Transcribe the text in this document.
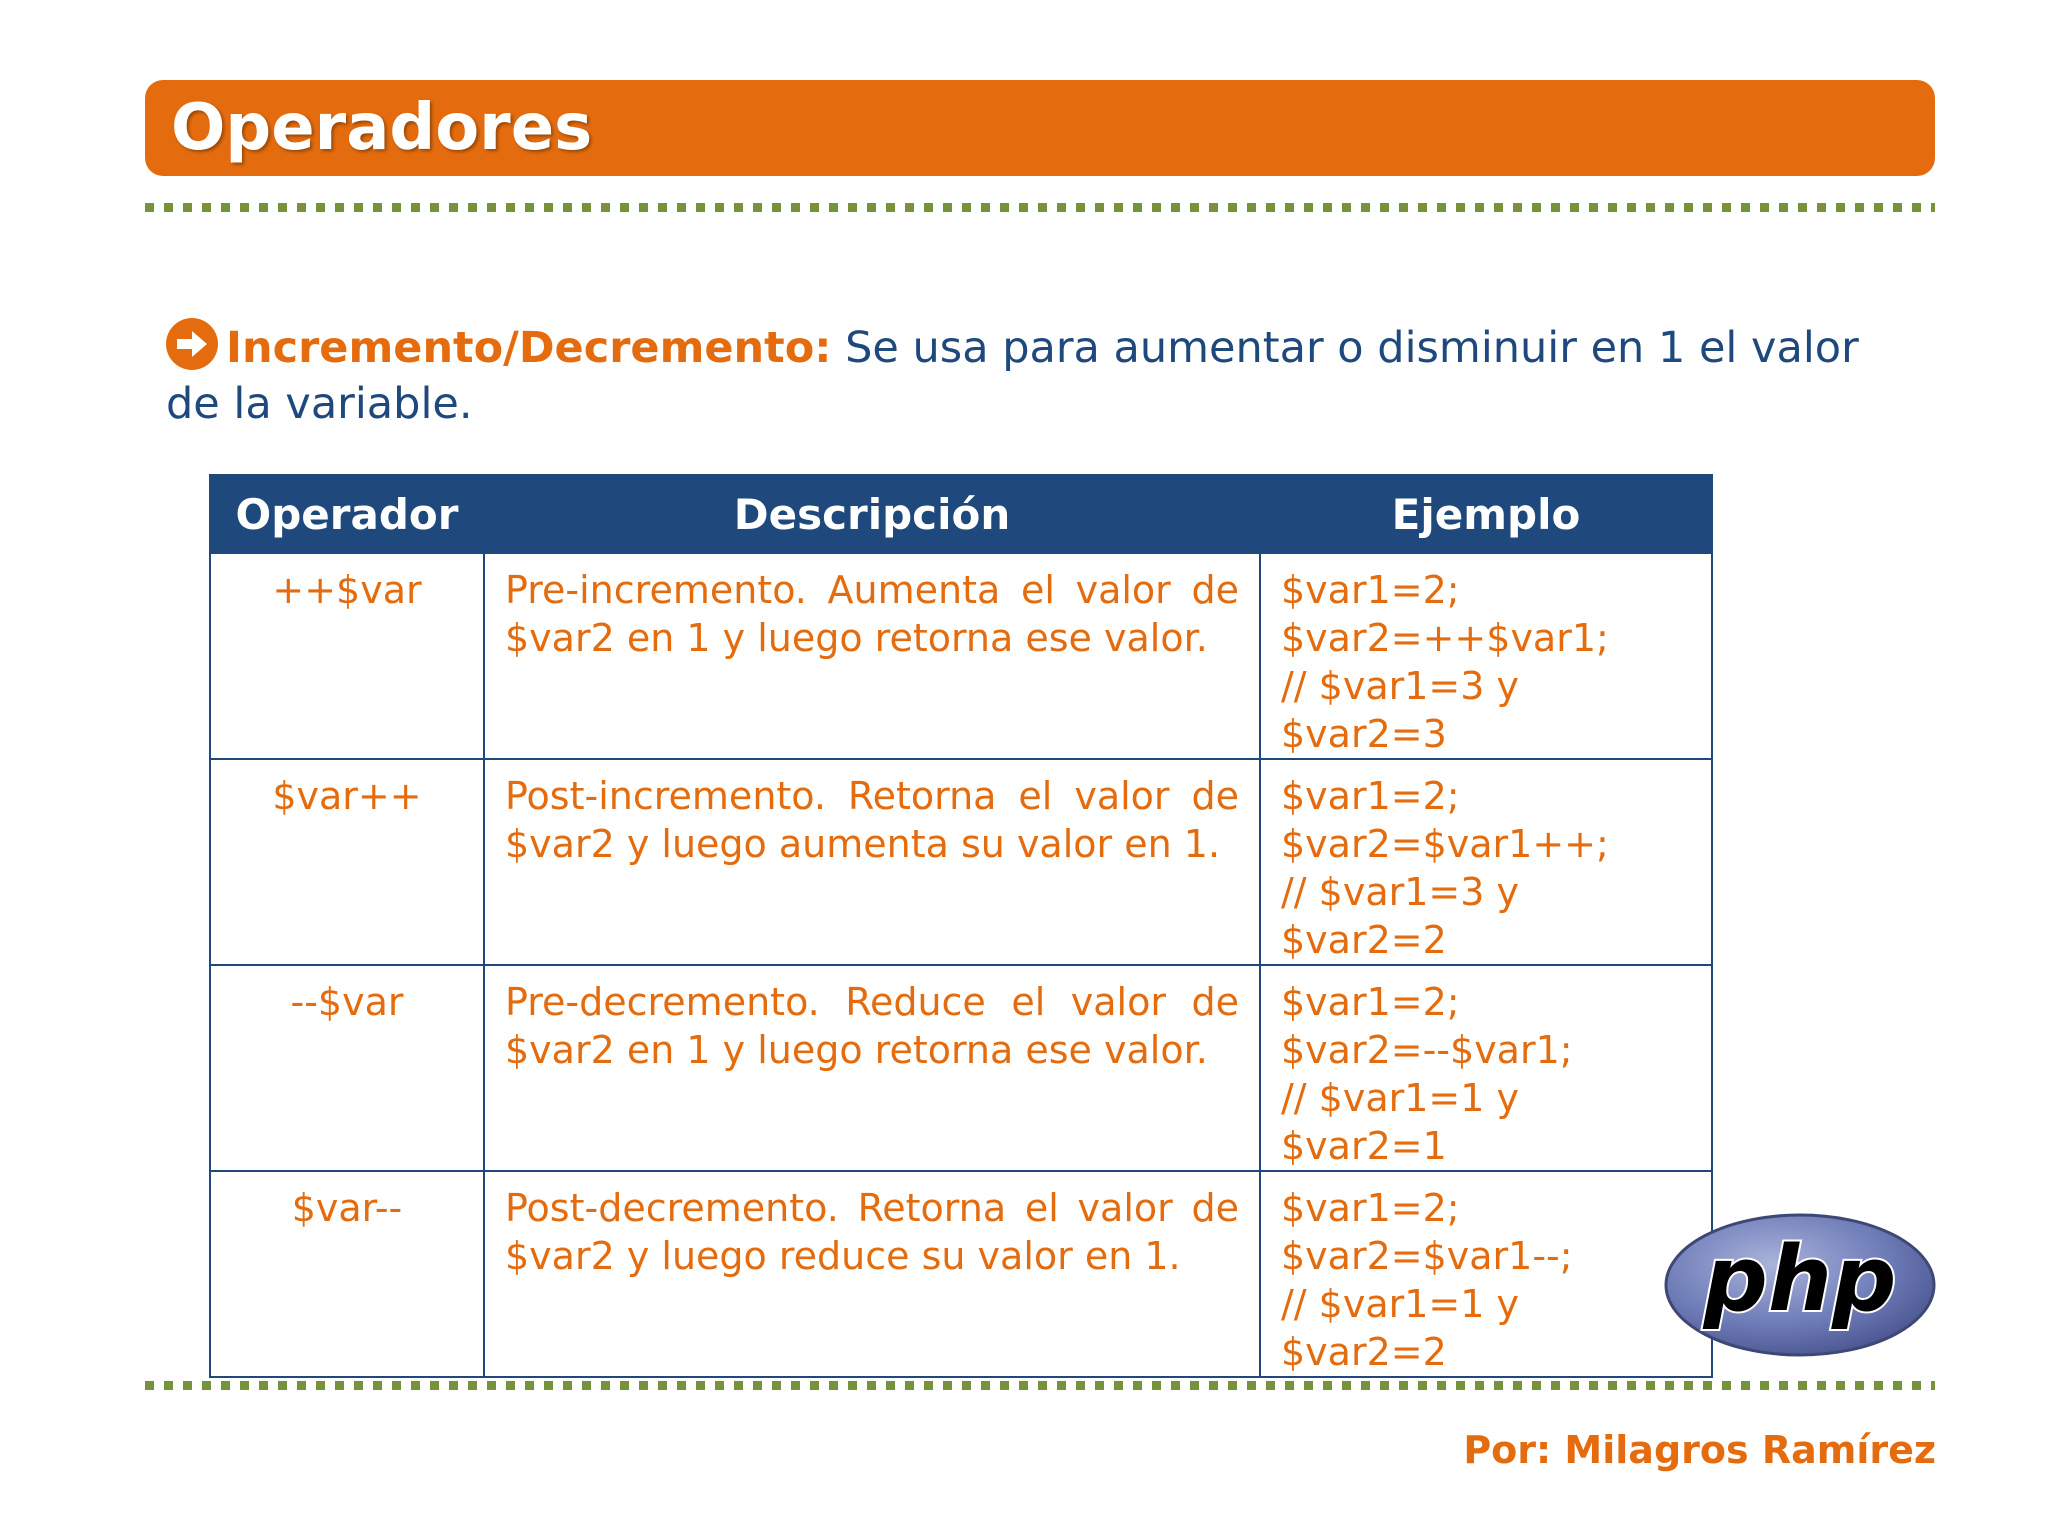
Operadores
Incremento/Decremento: Se usa para aumentar o disminuir en 1 el valor de la variable.
Operador	Descripción	Ejemplo
++$var	Pre-incremento. Aumenta el valor de $var2 en 1 y luego retorna ese valor.	$var1=2;
$var2=++$var1;
// $var1=3 y $var2=3

$var++	Post-incremento. Retorna el valor de $var2 y luego aumenta su valor en 1.	$var1=2;
$var2=$var1++;
// $var1=3 y $var2=2

--$var	Pre-decremento. Reduce el valor de $var2 en 1 y luego retorna ese valor.	$var1=2;
$var2=--$var1;
// $var1=1 y $var2=1

$var--	Post-decremento. Retorna el valor de $var2 y luego reduce su valor en 1.	$var1=2;
$var2=$var1--;
// $var1=1 y $var2=2
php
Por: Milagros Ramírez
